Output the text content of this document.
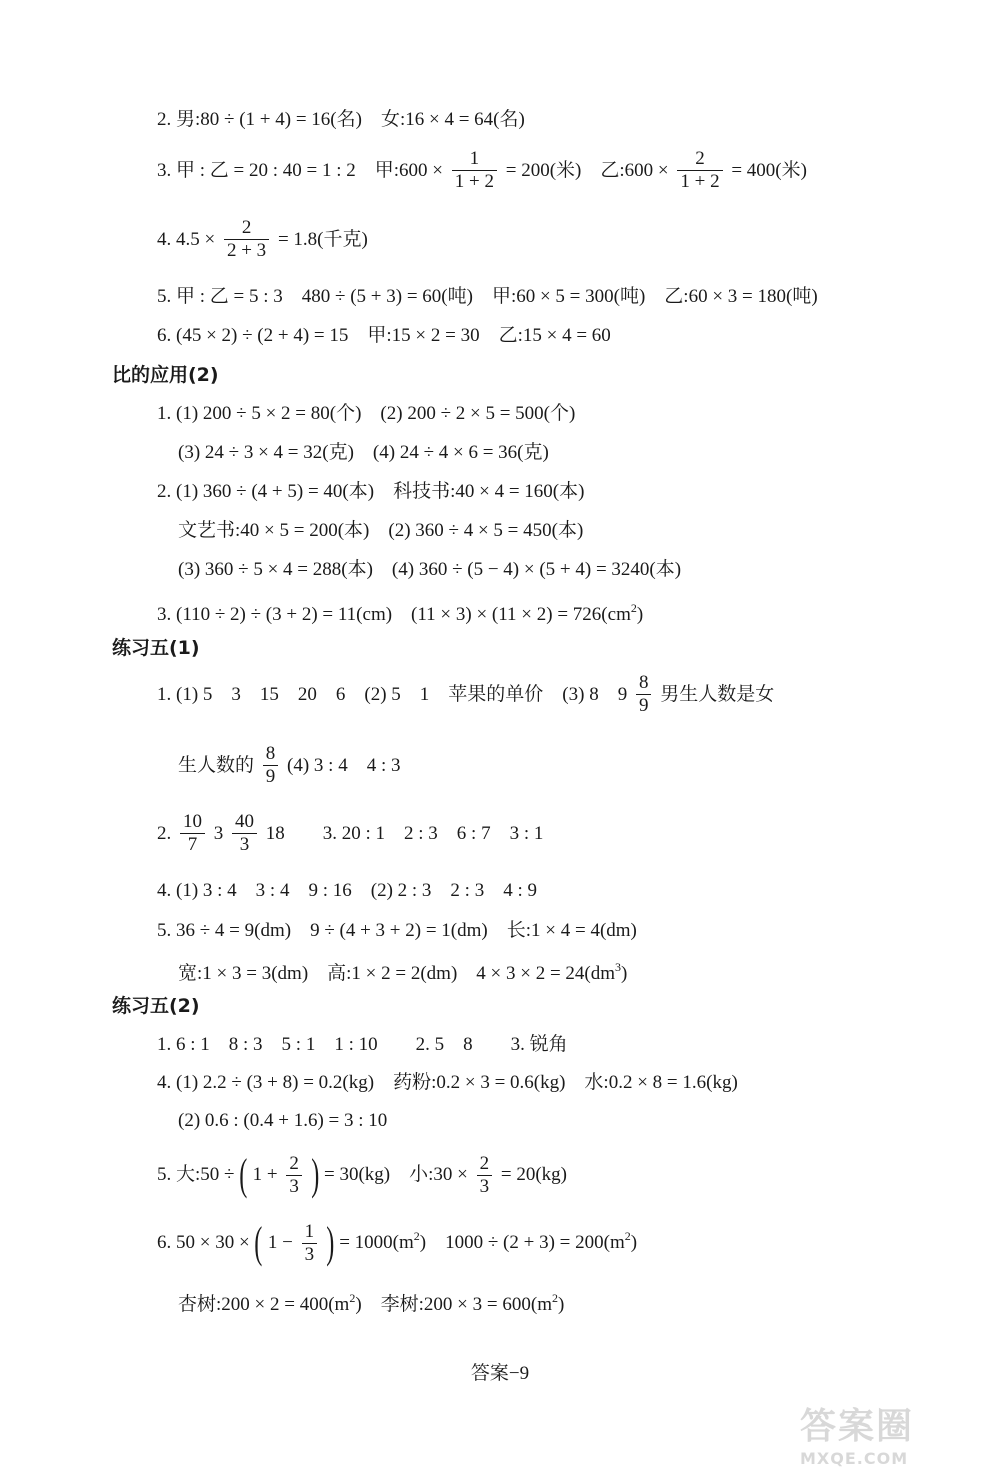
2. 男:80 ÷ (1 + 4) = 16(名)　女:16 × 4 = 64(名)
3. 甲 : 乙 = 20 : 40 = 1 : 2　甲:600 × $\frac{1}{1 + 2} = 200$(米)　乙:600 × $\frac{2}{1 + 2} = 400$(米)
4. $4.5 \times \frac{2}{2 + 3} = 1.8$(千克)
5. 甲 : 乙 = 5 : 3　480 ÷ (5 + 3) = 60(吨)　甲:60 × 5 = 300(吨)　乙:60 × 3 = 180(吨)
6. (45 × 2) ÷ (2 + 4) = 15　甲:15 × 2 = 30　乙:15 × 4 = 60
比的应用(2)
1. (1) 200 ÷ 5 × 2 = 80(个)　(2) 200 ÷ 2 × 5 = 500(个)
(3) 24 ÷ 3 × 4 = 32(克)　(4) 24 ÷ 4 × 6 = 36(克)
2. (1) 360 ÷ (4 + 5) = 40(本)　科技书:40 × 4 = 160(本)
文艺书:40 × 5 = 200(本)　(2) 360 ÷ 4 × 5 = 450(本)
(3) 360 ÷ 5 × 4 = 288(本)　(4) 360 ÷ (5 − 4) × (5 + 4) = 3240(本)
3. (110 ÷ 2) ÷ (3 + 2) = 11(cm)　$(11 \times 3) \times (11 \times 2) = 726(cm^2)$
练习五(1)
1. (1) 5　3　15　20　6　(2) 5　1　苹果的单价　(3) 8　$9 \frac{8}{9}$ 男生人数是女
生人数的 $\frac{8}{9} (4)$ 3 : 4　4 : 3
2. $\frac{10}{7} 3 \frac{40}{3} 18$　　3. 20 : 1　2 : 3　6 : 7　3 : 1
4. (1) 3 : 4　3 : 4　9 : 16　(2) 2 : 3　2 : 3　4 : 9
5. 36 ÷ 4 = 9(dm)　9 ÷ (4 + 3 + 2) = 1(dm)　长:1 × 4 = 4(dm)
宽:1 × 3 = 3(dm)　高:1 × 2 = 2(dm)　$4 \times 3 \times 2 = 24(dm^3)$
练习五(2)
1. 6 : 1　8 : 3　5 : 1　1 : 10　　2. 5　8　　3. 锐角
4. (1) 2.2 ÷ (3 + 8) = 0.2(kg)　药粉:0.2 × 3 = 0.6(kg)　水:0.2 × 8 = 1.6(kg)
(2) 0.6 : (0.4 + 1.6) = 3 : 10
5. 大:50 ÷ ( $1 + \frac{2}{3}$ ) = 30(kg)　小:30 × $\frac{2}{3} = 20(kg)$
6. 50 × 30 × ( $1 - \frac{1}{3}$ ) = $1000(m^2)$　$1000 \div (2 + 3) = 200(m^2)$
杏树:200 × $2 = 400(m^2)$　李树:200 × $3 = 600(m^2)$
答案−9
答案圈
MXQE.COM
